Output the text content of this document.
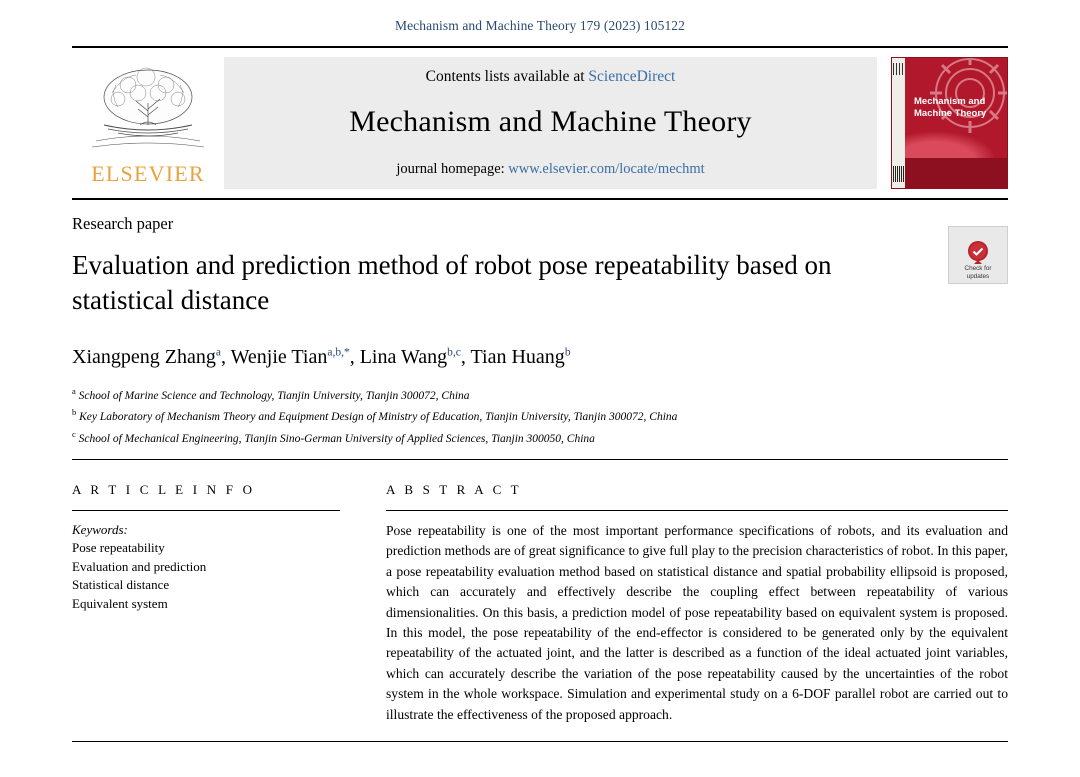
Mechanism and Machine Theory 179 (2023) 105122
ELSEVIER
Contents lists available at ScienceDirect
Mechanism and Machine Theory
journal homepage: www.elsevier.com/locate/mechmt
Mechanism and Machine Theory
Check for
updates
Research paper
Evaluation and prediction method of robot pose repeatability based on statistical distance
Xiangpeng Zhang$^a$, Wenjie Tian$^{a,b,*}$, Lina Wang$^{b,c}$, Tian Huang$^b$
$^a$ School of Marine Science and Technology, Tianjin University, Tianjin 300072, China
$^b$ Key Laboratory of Mechanism Theory and Equipment Design of Ministry of Education, Tianjin University, Tianjin 300072, China
$^c$ School of Mechanical Engineering, Tianjin Sino-German University of Applied Sciences, Tianjin 300050, China
A R T I C L E I N F O
Keywords:
Pose repeatability
Evaluation and prediction
Statistical distance
Equivalent system
A B S T R A C T
Pose repeatability is one of the most important performance specifications of robots, and its evaluation and prediction methods are of great significance to give full play to the precision characteristics of robot. In this paper, a pose repeatability evaluation method based on statistical distance and spatial probability ellipsoid is proposed, which can accurately and effectively describe the coupling effect between repeatability of various dimensionalities. On this basis, a prediction model of pose repeatability based on equivalent system is proposed. In this model, the pose repeatability of the end-effector is considered to be generated only by the equivalent repeatability of the actuated joint, and the latter is described as a function of the ideal actuated joint variables, which can accurately describe the variation of the pose repeatability caused by the uncertainties of the robot system in the whole workspace. Simulation and experimental study on a 6-DOF parallel robot are carried out to illustrate the effectiveness of the proposed approach.
